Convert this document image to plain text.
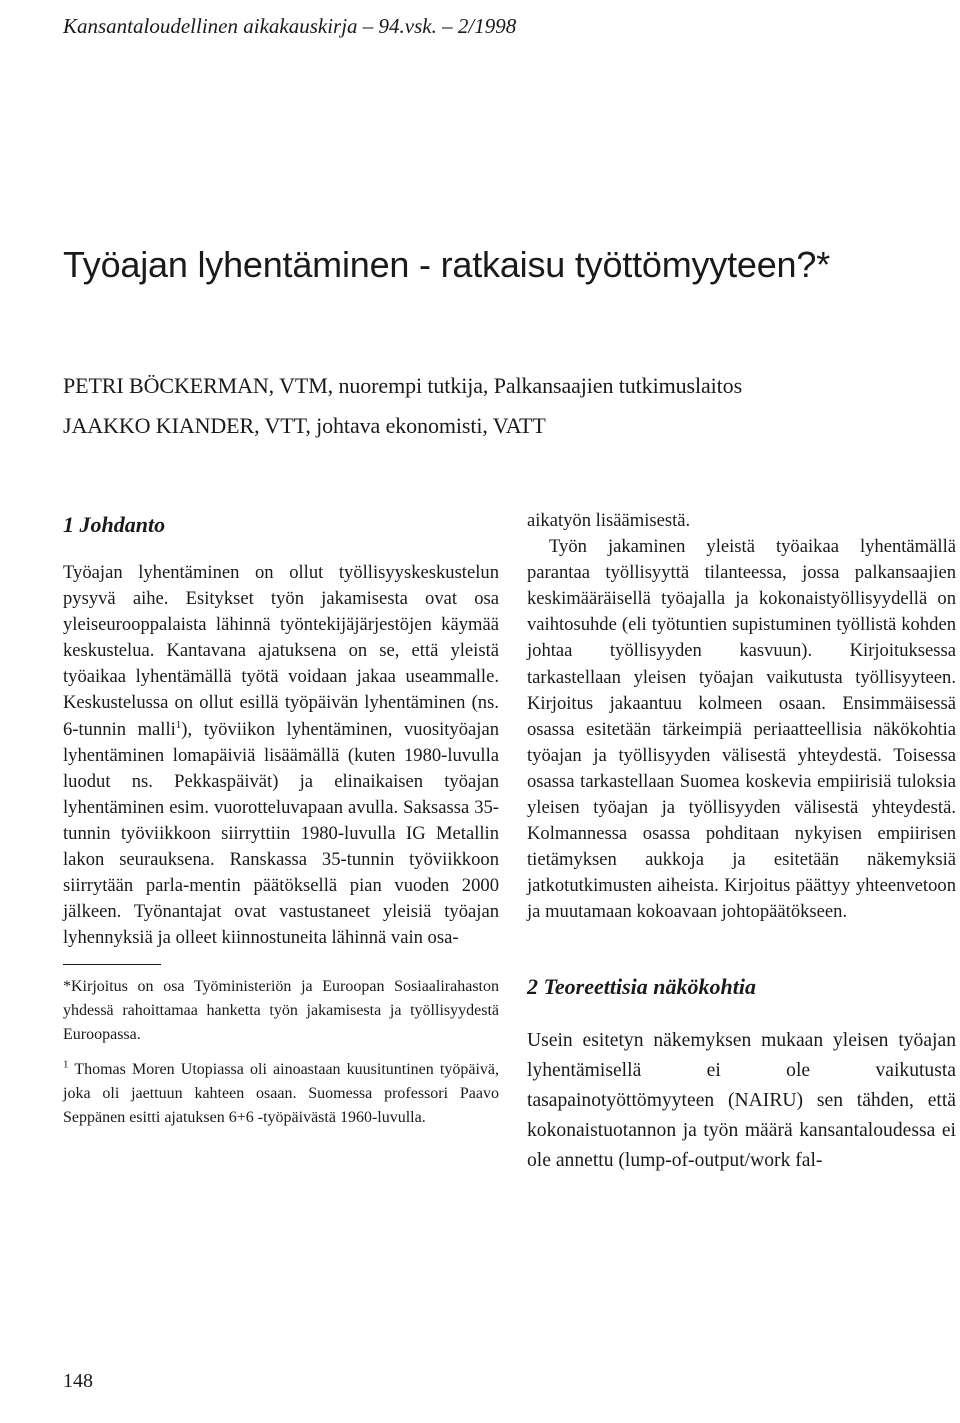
Kansantaloudellinen aikakauskirja – 94.vsk. – 2/1998
Työajan lyhentäminen - ratkaisu työttömyyteen?*
PETRI BÖCKERMAN, VTM, nuorempi tutkija, Palkansaajien tutkimuslaitos
JAAKKO KIANDER, VTT, johtava ekonomisti, VATT
1 Johdanto

Työajan lyhentäminen on ollut työllisyyskeskustelun pysyvä aihe. Esitykset työn jakamisesta ovat osa yleiseurooppalaista lähinnä työntekijäjärjestöjen käymää keskustelua. Kantavana ajatuksena on se, että yleistä työaikaa lyhentämällä työtä voidaan jakaa useammalle. Keskustelussa on ollut esillä työpäivän lyhentäminen (ns. 6-tunnin malli$^1$), työviikon lyhentäminen, vuosityöajan lyhentäminen lomapäiviä lisäämällä (kuten 1980-luvulla luodut ns. Pekkaspäivät) ja elinaikaisen työajan lyhentäminen esim. vuorotteluvapaan avulla. Saksassa 35-tunnin työviikkoon siirryttiin 1980-luvulla IG Metallin lakon seurauksena. Ranskassa 35-tunnin työviikkoon siirrytään parla-mentin päätöksellä pian vuoden 2000 jälkeen. Työnantajat ovat vastustaneet yleisiä työajan lyhennyksiä ja olleet kiinnostuneita lähinnä vain osa-

*Kirjoitus on osa Työministeriön ja Euroopan Sosiaalirahaston yhdessä rahoittamaa hanketta työn jakamisesta ja työllisyydestä Euroopassa.

$^1$ Thomas Moren Utopiassa oli ainoastaan kuusituntinen työpäivä, joka oli jaettuun kahteen osaan. Suomessa professori Paavo Seppänen esitti ajatuksen 6+6 -työpäivästä 1960-luvulla.

aikatyön lisäämisestä.

Työn jakaminen yleistä työaikaa lyhentämällä parantaa työllisyyttä tilanteessa, jossa palkansaajien keskimääräisellä työajalla ja kokonaistyöllisyydellä on vaihtosuhde (eli työtuntien supistuminen työllistä kohden johtaa työllisyyden kasvuun). Kirjoituksessa tarkastellaan yleisen työajan vaikutusta työllisyyteen. Kirjoitus jakaantuu kolmeen osaan. Ensimmäisessä osassa esitetään tärkeimpiä periaatteellisia näkökohtia työajan ja työllisyyden välisestä yhteydestä. Toisessa osassa tarkastellaan Suomea koskevia empiirisiä tuloksia yleisen työajan ja työllisyyden välisestä yhteydestä. Kolmannessa osassa pohditaan nykyisen empiirisen tietämyksen aukkoja ja esitetään näkemyksiä jatkotutkimusten aiheista. Kirjoitus päättyy yhteenvetoon ja muutamaan kokoavaan johtopäätökseen.

2 Teoreettisia näkökohtia

Usein esitetyn näkemyksen mukaan yleisen työajan lyhentämisellä ei ole vaikutusta tasapainotyöttömyyteen (NAIRU) sen tähden, että kokonaistuotannon ja työn määrä kansantaloudessa ei ole annettu (lump-of-output/work fal-

148
